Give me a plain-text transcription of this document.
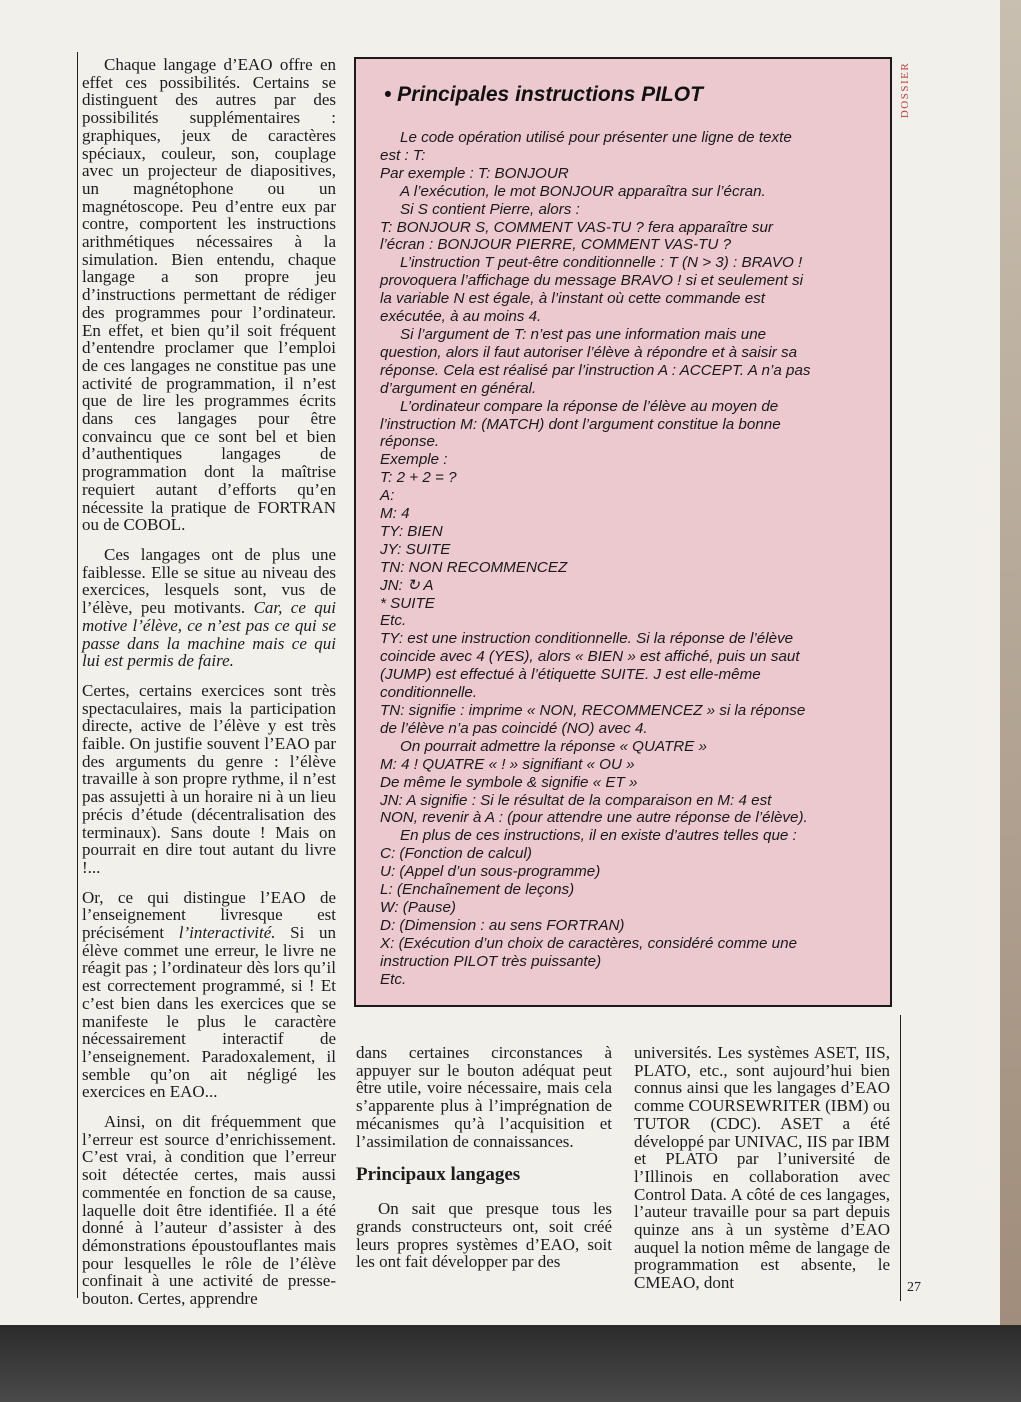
DOSSIER

Chaque langage d’EAO offre en effet ces possibilités. Certains se distinguent des autres par des possibilités supplémentaires : graphiques, jeux de caractères spéciaux, couleur, son, couplage avec un projecteur de diapositives, un magnétophone ou un magnétoscope. Peu d’entre eux par contre, comportent les instructions arithmétiques nécessaires à la simulation. Bien entendu, chaque langage a son propre jeu d’instructions permettant de rédiger des programmes pour l’ordinateur. En effet, et bien qu’il soit fréquent d’entendre proclamer que l’emploi de ces langages ne constitue pas une activité de programmation, il n’est que de lire les programmes écrits dans ces langages pour être convaincu que ce sont bel et bien d’authentiques langages de programmation dont la maîtrise requiert autant d’efforts qu’en nécessite la pratique de FORTRAN ou de COBOL.

Ces langages ont de plus une faiblesse. Elle se situe au niveau des exercices, lesquels sont, vus de l’élève, peu motivants. Car, ce qui motive l’élève, ce n’est pas ce qui se passe dans la machine mais ce qui lui est permis de faire.

Certes, certains exercices sont très spectaculaires, mais la participation directe, active de l’élève y est très faible. On justifie souvent l’EAO par des arguments du genre : l’élève travaille à son propre rythme, il n’est pas assujetti à un horaire ni à un lieu précis d’étude (décentralisation des terminaux). Sans doute ! Mais on pourrait en dire tout autant du livre !...

Or, ce qui distingue l’EAO de l’enseignement livresque est précisément l’interactivité. Si un élève commet une erreur, le livre ne réagit pas ; l’ordinateur dès lors qu’il est correctement programmé, si ! Et c’est bien dans les exercices que se manifeste le plus le caractère nécessairement interactif de l’enseignement. Paradoxalement, il semble qu’on ait négligé les exercices en EAO...

Ainsi, on dit fréquemment que l’erreur est source d’enrichissement. C’est vrai, à condition que l’erreur soit détectée certes, mais aussi commentée en fonction de sa cause, laquelle doit être identifiée. Il a été donné à l’auteur d’assister à des démonstrations époustouflantes mais pour lesquelles le rôle de l’élève confinait à une activité de presse-bouton. Certes, apprendre

• Principales instructions PILOT
Le code opération utilisé pour présenter une ligne de texte
est : T:
Par exemple : T: BONJOUR
A l’exécution, le mot BONJOUR apparaîtra sur l’écran.
Si S contient Pierre, alors :
T: BONJOUR S, COMMENT VAS-TU ? fera apparaître sur
l’écran : BONJOUR PIERRE, COMMENT VAS-TU ?
L’instruction T peut-être conditionnelle : T (N > 3) : BRAVO !
provoquera l’affichage du message BRAVO ! si et seulement si
la variable N est égale, à l’instant où cette commande est
exécutée, à au moins 4.
Si l’argument de T: n’est pas une information mais une
question, alors il faut autoriser l’élève à répondre et à saisir sa
réponse. Cela est réalisé par l’instruction A : ACCEPT. A n’a pas
d’argument en général.
L’ordinateur compare la réponse de l’élève au moyen de
l’instruction M: (MATCH) dont l’argument constitue la bonne
réponse.
Exemple :
T: 2 + 2 = ?
A:
M: 4
TY: BIEN
JY: SUITE
TN: NON RECOMMENCEZ
JN: ↻ A
* SUITE
Etc.
TY: est une instruction conditionnelle. Si la réponse de l’élève
coincide avec 4 (YES), alors « BIEN » est affiché, puis un saut
(JUMP) est effectué à l’étiquette SUITE. J est elle-même
conditionnelle.
TN: signifie : imprime « NON, RECOMMENCEZ » si la réponse
de l’élève n’a pas coincidé (NO) avec 4.
On pourrait admettre la réponse « QUATRE »
M: 4 ! QUATRE « ! » signifiant « OU »
De même le symbole & signifie « ET »
JN: A signifie : Si le résultat de la comparaison en M: 4 est
NON, revenir à A : (pour attendre une autre réponse de l’élève).
En plus de ces instructions, il en existe d’autres telles que :
C: (Fonction de calcul)
U: (Appel d’un sous-programme)
L: (Enchaînement de leçons)
W: (Pause)
D: (Dimension : au sens FORTRAN)
X: (Exécution d’un choix de caractères, considéré comme une
instruction PILOT très puissante)
Etc.

dans certaines circonstances à appuyer sur le bouton adéquat peut être utile, voire nécessaire, mais cela s’apparente plus à l’imprégnation de mécanismes qu’à l’acquisition et l’assimilation de connaissances.

Principaux langages

On sait que presque tous les grands constructeurs ont, soit créé leurs propres systèmes d’EAO, soit les ont fait développer par des

universités. Les systèmes ASET, IIS, PLATO, etc., sont aujourd’hui bien connus ainsi que les langages d’EAO comme COURSEWRITER (IBM) ou TUTOR (CDC). ASET a été développé par UNIVAC, IIS par IBM et PLATO par l’université de l’Illinois en collaboration avec Control Data. A côté de ces langages, l’auteur travaille pour sa part depuis quinze ans à un système d’EAO auquel la notion même de langage de programmation est absente, le CMEAO, dont	27
